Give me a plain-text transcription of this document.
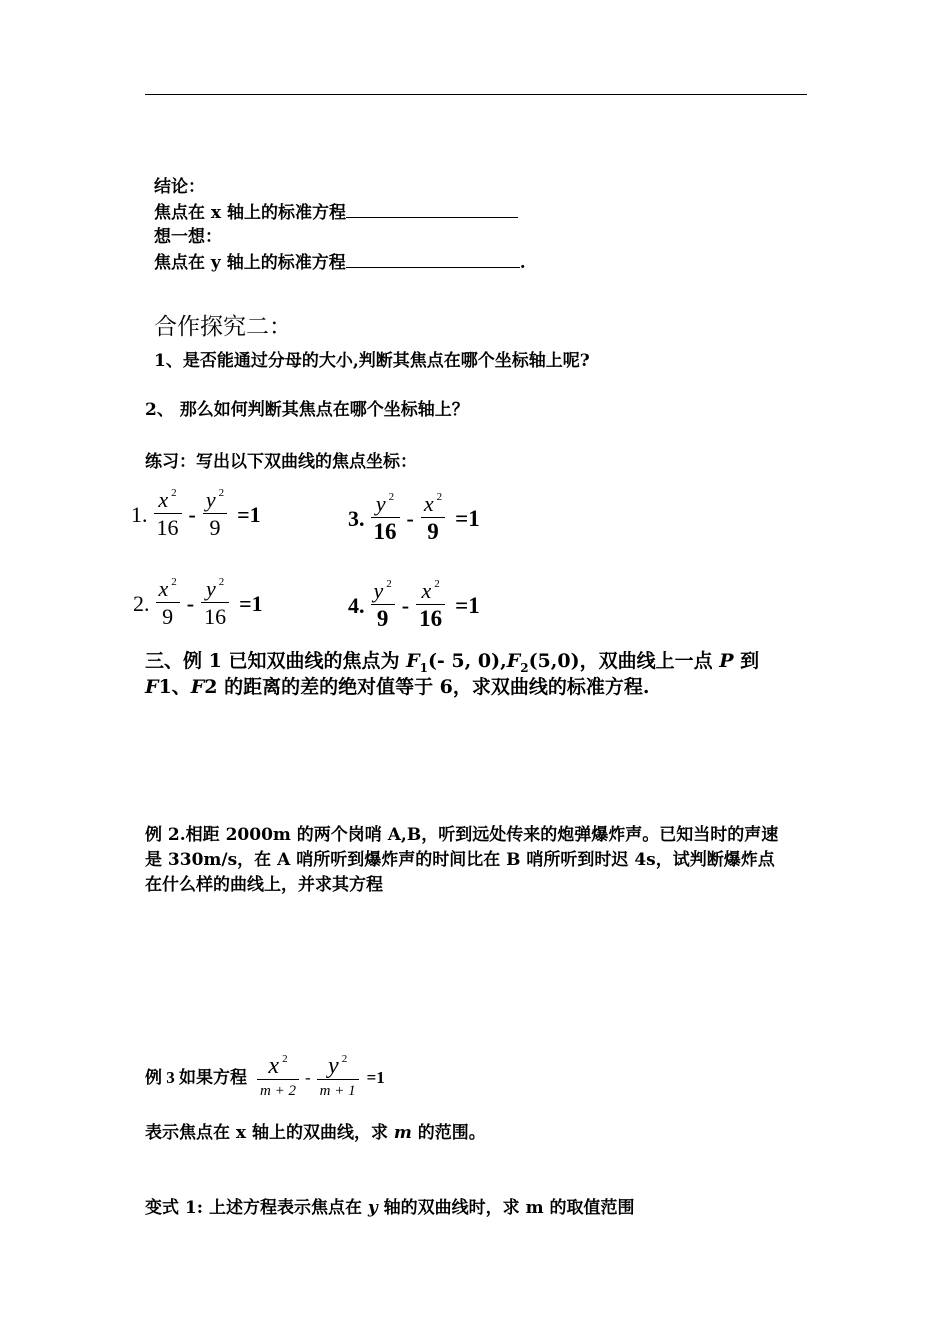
结论：
焦点在 x 轴上的标准方程
想一想：
焦点在 y 轴上的标准方程	.
合作探究二：
1、是否能通过分母的大小,判断其焦点在哪个坐标轴上呢?
2、 那么如何判断其焦点在哪个坐标轴上？
练习：写出以下双曲线的焦点坐标：
1. $\frac{x ^2}{16} - \frac{y ^2}{9} =1$	3. $\frac{y ^2}{16} - \frac{x ^2}{9} =1$
2. $\frac{x ^2}{9} - \frac{y ^2}{16} =1$	4. $\frac{y ^2}{9} - \frac{x ^2}{16} =1$
三、例 1 已知双曲线的焦点为 $F_1(-$ 5, $0),F_2(5,0)$，双曲线上一点 P 到
F1、F2 的距离的差的绝对值等于 6，求双曲线的标准方程.
例 2.相距 2000m 的两个岗哨 A,B，听到远处传来的炮弹爆炸声。已知当时的声速
是 330m/s，在 A 哨所听到爆炸声的时间比在 B 哨所听到时迟 4s，试判断爆炸点
在什么样的曲线上，并求其方程
例 3 如果方程 $\frac{x ^2}{m + 2} - \frac{y ^2}{m + 1} =1$
表示焦点在 x 轴上的双曲线，求 m 的范围。
变式 1: 上述方程表示焦点在 y 轴的双曲线时，求 m 的取值范围
